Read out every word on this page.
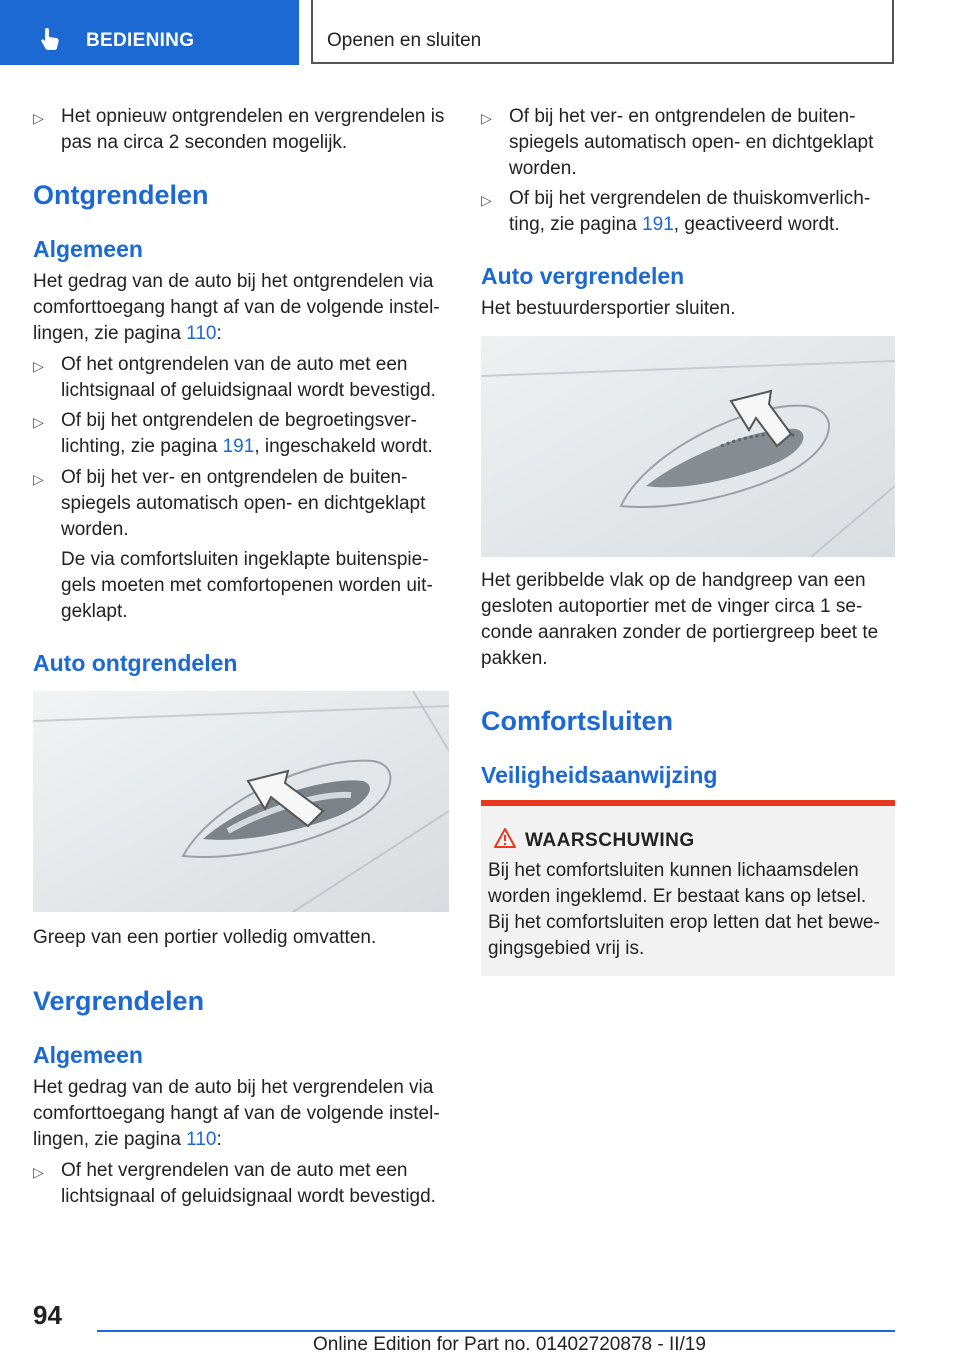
BEDIENING	Openen en sluiten
▷ Het opnieuw ontgrendelen en vergrendelen is pas na circa 2 seconden mogelijk.
Ontgrendelen
Algemeen

Het gedrag van de auto bij het ontgrendelen via comforttoegang hangt af van de volgende instellingen, zie pagina 110:

▷ Of het ontgrendelen van de auto met een lichtsignaal of geluidsignaal wordt bevestigd.
▷ Of bij het ontgrendelen de begroetingsverlichting, zie pagina 191, ingeschakeld wordt.
▷ Of bij het ver- en ontgrendelen de buitenspiegels automatisch open- en dichtgeklapt worden.
De via comfortsluiten ingeklapte buitenspiegels moeten met comfortopenen worden uitgeklapt.
Auto ontgrendelen

Greep van een portier volledig omvatten.

Vergrendelen
Algemeen

Het gedrag van de auto bij het vergrendelen via comforttoegang hangt af van de volgende instellingen, zie pagina 110:

▷ Of het vergrendelen van de auto met een lichtsignaal of geluidsignaal wordt bevestigd.
▷ Of bij het ver- en ontgrendelen de buitenspiegels automatisch open- en dichtgeklapt worden.
▷ Of bij het vergrendelen de thuiskomverlichting, zie pagina 191, geactiveerd wordt.
Auto vergrendelen

Het bestuurdersportier sluiten.

Het geribbelde vlak op de handgreep van een gesloten autoportier met de vinger circa 1 seconde aanraken zonder de portiergreep beet te pakken.

Comfortsluiten
Veiligheidsaanwijzing
WAARSCHUWING
Bij het comfortsluiten kunnen lichaamsdelen worden ingeklemd. Er bestaat kans op letsel. Bij het comfortsluiten erop letten dat het bewegingsgebied vrij is.
94
Online Edition for Part no. 01402720878 - II/19
